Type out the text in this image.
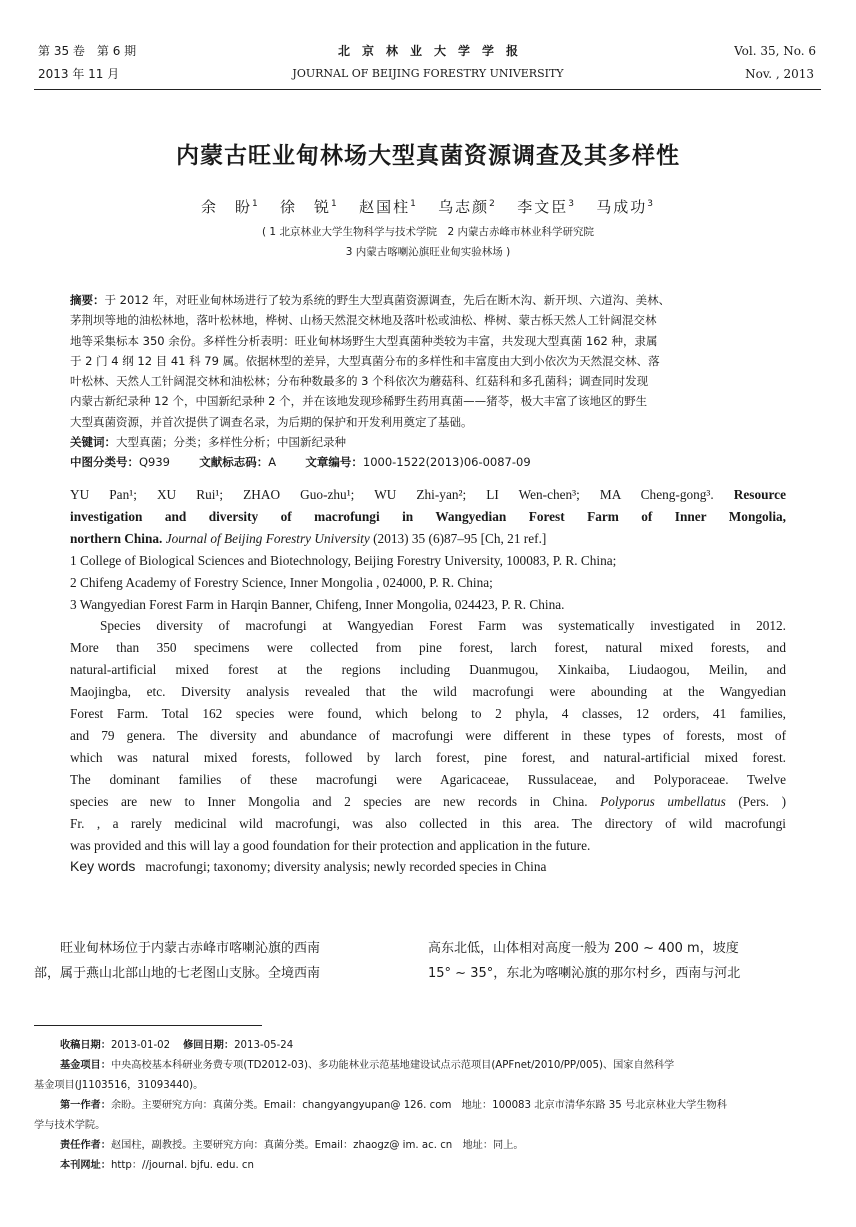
第 35 卷　第 6 期
2013 年 11 月
北　京　林　业　大　学　学　报
JOURNAL OF BEIJING FORESTRY UNIVERSITY
Vol. 35, No. 6
Nov. , 2013
内蒙古旺业甸林场大型真菌资源调查及其多样性
余　盼$^1$ 徐　锐$^1$ 赵国柱$^1$ 乌志颜$^2$ 李文臣$^3$ 马成功$^3$
( 1 北京林业大学生物科学与技术学院　2 内蒙古赤峰市林业科学研究院
3 内蒙古喀喇沁旗旺业甸实验林场 )
摘要：于 2012 年，对旺业甸林场进行了较为系统的野生大型真菌资源调查，先后在断木沟、新开坝、六道沟、美林、
茅荆坝等地的油松林地，落叶松林地，桦树、山杨天然混交林地及落叶松或油松、桦树、蒙古栎天然人工针阔混交林
地等采集标本 350 余份。多样性分析表明：旺业甸林场野生大型真菌种类较为丰富，共发现大型真菌 162 种，隶属
于 2 门 4 纲 12 目 41 科 79 属。依据林型的差异，大型真菌分布的多样性和丰富度由大到小依次为天然混交林、落
叶松林、天然人工针阔混交林和油松林；分布种数最多的 3 个科依次为蘑菇科、红菇科和多孔菌科；调查同时发现
内蒙古新纪录种 12 个，中国新纪录种 2 个，并在该地发现珍稀野生药用真菌——猪苓，极大丰富了该地区的野生
大型真菌资源，并首次提供了调查名录，为后期的保护和开发利用奠定了基础。
关键词：大型真菌；分类；多样性分析；中国新纪录种
中图分类号：Q939	文献标志码：A	文章编号：1000-1522(2013)06-0087-09
YU Pan¹; XU Rui¹; ZHAO Guo-zhu¹; WU Zhi-yan²; LI Wen-chen³; MA Cheng-gong³. Resource
investigation and diversity of macrofungi in Wangyedian Forest Farm of Inner Mongolia,
northern China. Journal of Beijing Forestry University (2013) 35 (6)87–95 [Ch, 21 ref.]
1 College of Biological Sciences and Biotechnology, Beijing Forestry University, 100083, P. R. China;
2 Chifeng Academy of Forestry Science, Inner Mongolia , 024000, P. R. China;
3 Wangyedian Forest Farm in Harqin Banner, Chifeng, Inner Mongolia, 024423, P. R. China.
Species diversity of macrofungi at Wangyedian Forest Farm was systematically investigated in 2012.
More than 350 specimens were collected from pine forest, larch forest, natural mixed forests, and
natural-artificial mixed forest at the regions including Duanmugou, Xinkaiba, Liudaogou, Meilin, and
Maojingba, etc. Diversity analysis revealed that the wild macrofungi were abounding at the Wangyedian
Forest Farm. Total 162 species were found, which belong to 2 phyla, 4 classes, 12 orders, 41 families,
and 79 genera. The diversity and abundance of macrofungi were different in these types of forests, most of
which was natural mixed forests, followed by larch forest, pine forest, and natural-artificial mixed forest.
The dominant families of these macrofungi were Agaricaceae, Russulaceae, and Polyporaceae. Twelve
species are new to Inner Mongolia and 2 species are new records in China. Polyporus umbellatus (Pers. )
Fr. , a rarely medicinal wild macrofungi, was also collected in this area. The directory of wild macrofungi
was provided and this will lay a good foundation for their protection and application in the future.
Key words macrofungi; taxonomy; diversity analysis; newly recorded species in China
旺业甸林场位于内蒙古赤峰市喀喇沁旗的西南
部，属于燕山北部山地的七老图山支脉。全境西南
高东北低，山体相对高度一般为 200 ~ 400 m，坡度
15° ~ 35°，东北为喀喇沁旗的那尔村乡，西南与河北
收稿日期：2013-01-02 修回日期：2013-05-24
基金项目：中央高校基本科研业务费专项(TD2012-03)、多功能林业示范基地建设试点示范项目(APFnet/2010/PP/005)、国家自然科学
基金项目(J1103516，31093440)。
第一作者：余盼。主要研究方向：真菌分类。Email：changyangyupan@ 126. com　地址：100083 北京市清华东路 35 号北京林业大学生物科
学与技术学院。
责任作者：赵国柱，副教授。主要研究方向：真菌分类。Email：zhaogz@ im. ac. cn　地址：同上。
本刊网址：http：//journal. bjfu. edu. cn
